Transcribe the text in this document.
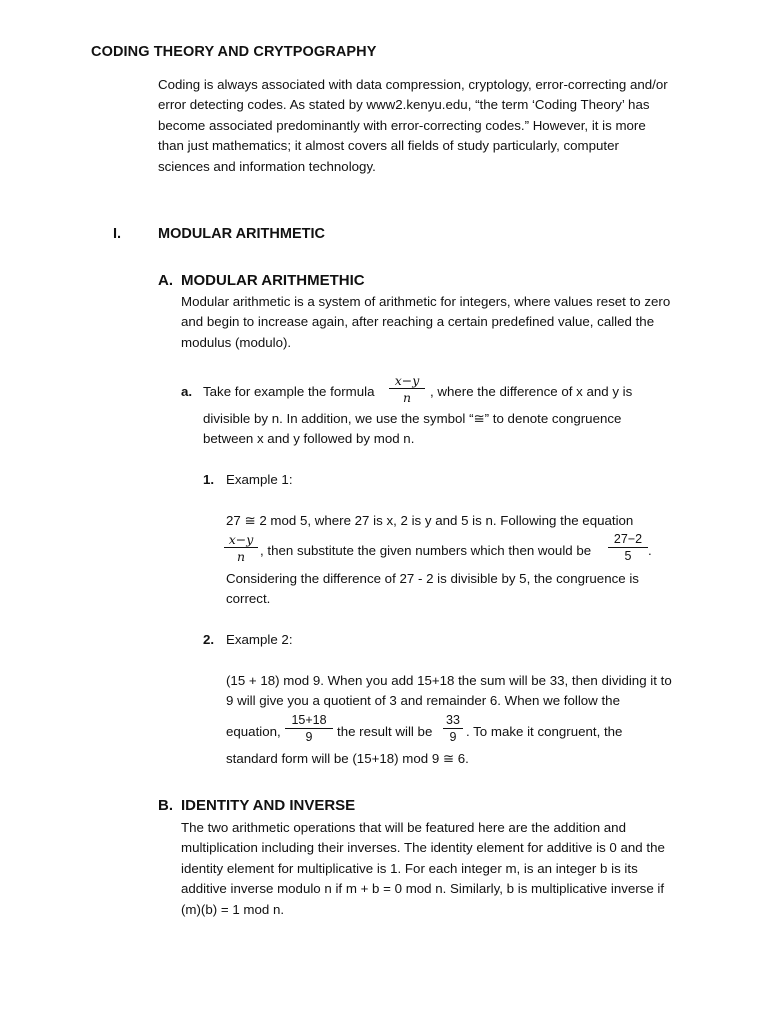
CODING THEORY AND CRYTPOGRAPHY
Coding is always associated with data compression, cryptology, error-correcting and/or error detecting codes. As stated by www2.kenyu.edu, “the term ‘Coding Theory’ has become associated predominantly with error-correcting codes.” However, it is more than just mathematics; it almost covers all fields of study particularly, computer sciences and information technology.
I.	MODULAR ARITHMETIC
A. MODULAR ARITHMETHIC
Modular arithmetic is a system of arithmetic for integers, where values reset to zero and begin to increase again, after reaching a certain predefined value, called the modulus (modulo).
a. Take for example the formula
x−y
n	, where the difference of x and y is
divisible by n. In addition, we use the symbol “≅” to denote congruence between x and y followed by mod n.
1. Example 1:
27 ≅ 2 mod 5, where 27 is x, 2 is y and 5 is n. Following the equation
x−y
n	, then substitute the given numbers which then would be
27−2
5	.
Considering the difference of 27 - 2 is divisible by 5, the congruence is correct.
2. Example 2:
(15 + 18) mod 9. When you add 15+18 the sum will be 33, then dividing it to 9 will give you a quotient of 3 and remainder 6. When we follow the
equation,
15+18
9	the result will be
33
9 . To make it congruent, the
standard form will be (15+18) mod 9 ≅ 6.
B. IDENTITY AND INVERSE
The two arithmetic operations that will be featured here are the addition and multiplication including their inverses. The identity element for additive is 0 and the identity element for multiplicative is 1. For each integer m, is an integer b is its additive inverse modulo n if m + b = 0 mod n. Similarly, b is multiplicative inverse if (m)(b) = 1 mod n.
